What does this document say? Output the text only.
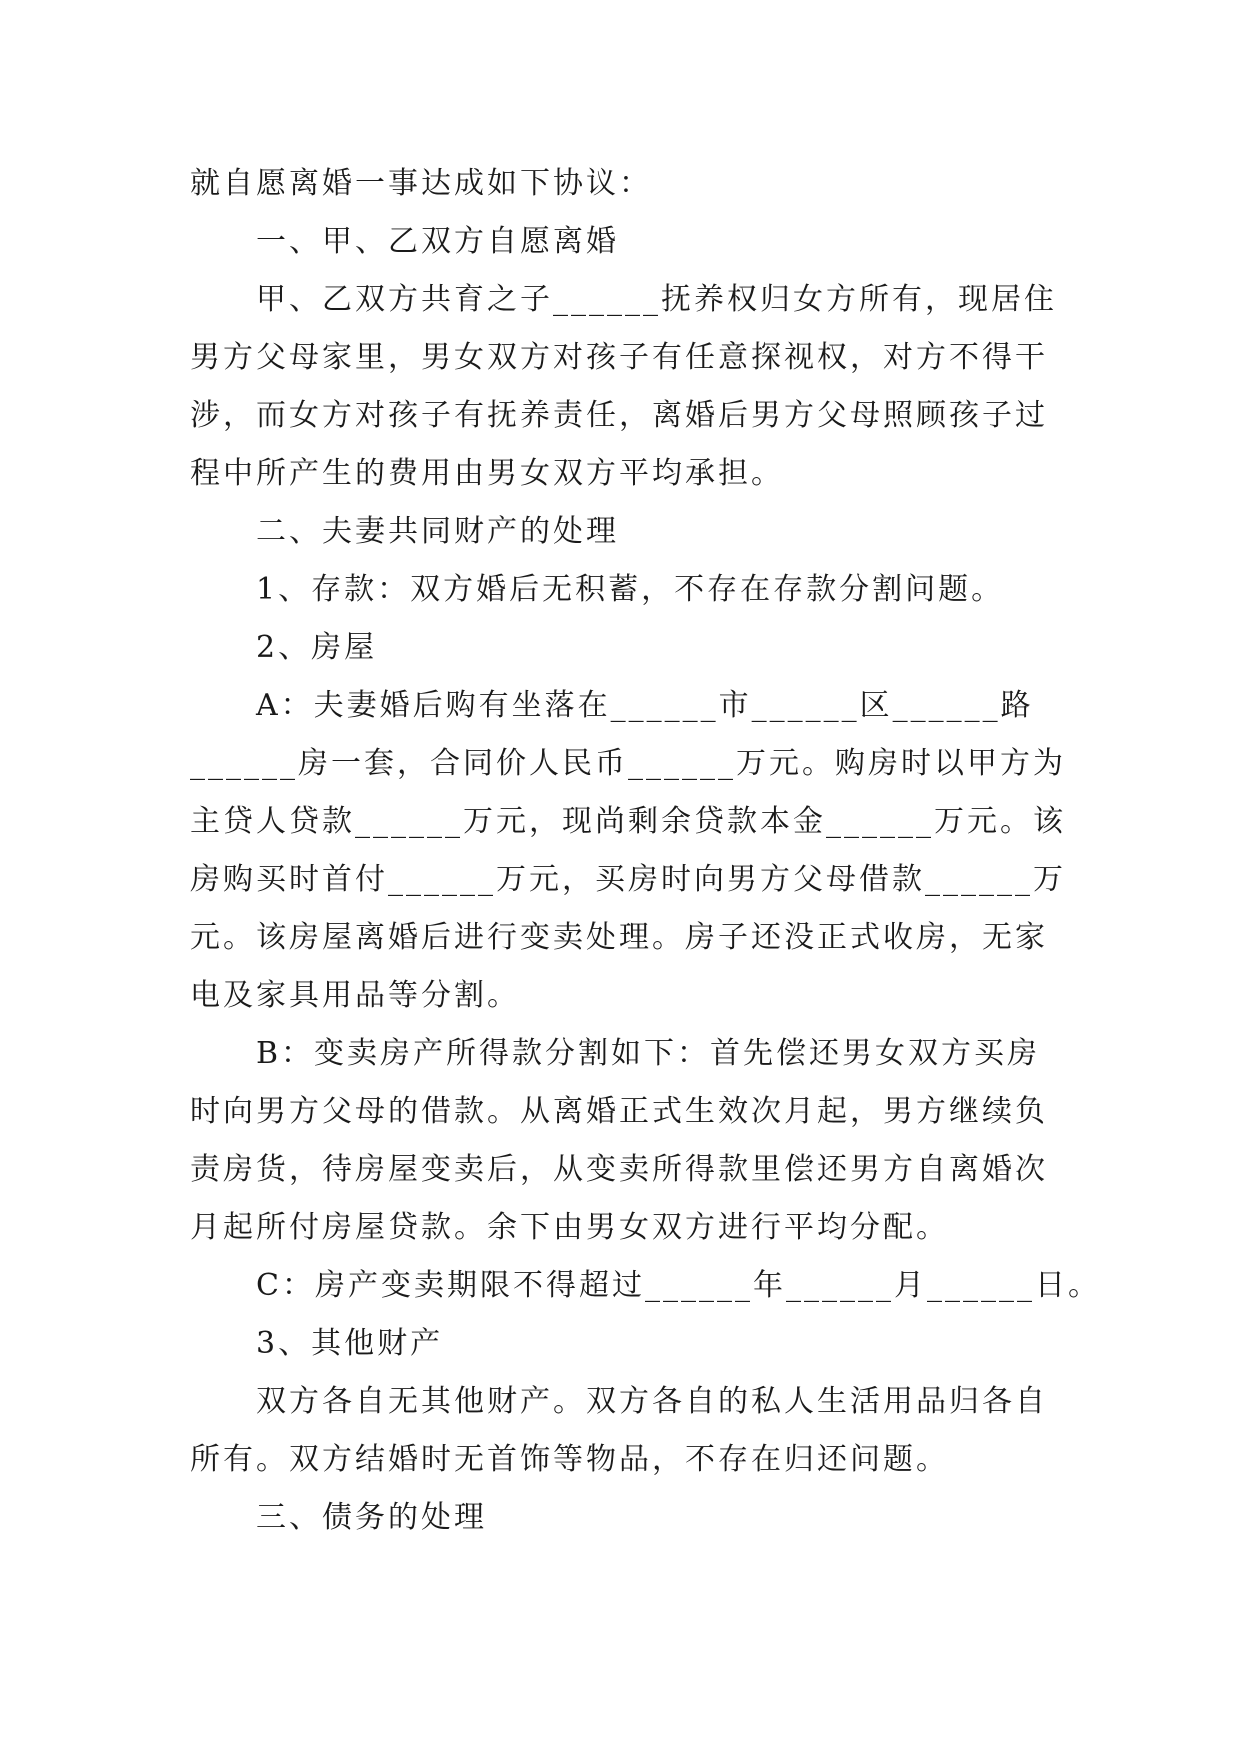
就自愿离婚一事达成如下协议：
一、甲、乙双方自愿离婚
甲、乙双方共育之子______抚养权归女方所有，现居住
男方父母家里，男女双方对孩子有任意探视权，对方不得干
涉，而女方对孩子有抚养责任，离婚后男方父母照顾孩子过
程中所产生的费用由男女双方平均承担。
二、夫妻共同财产的处理
1、存款：双方婚后无积蓄，不存在存款分割问题。
2、房屋
A：夫妻婚后购有坐落在______市______区______路
______房一套，合同价人民币______万元。购房时以甲方为
主贷人贷款______万元，现尚剩余贷款本金______万元。该
房购买时首付______万元，买房时向男方父母借款______万
元。该房屋离婚后进行变卖处理。房子还没正式收房，无家
电及家具用品等分割。
B：变卖房产所得款分割如下：首先偿还男女双方买房
时向男方父母的借款。从离婚正式生效次月起，男方继续负
责房货，待房屋变卖后，从变卖所得款里偿还男方自离婚次
月起所付房屋贷款。余下由男女双方进行平均分配。
C：房产变卖期限不得超过______年______月______日。
3、其他财产
双方各自无其他财产。双方各自的私人生活用品归各自
所有。双方结婚时无首饰等物品，不存在归还问题。
三、债务的处理
